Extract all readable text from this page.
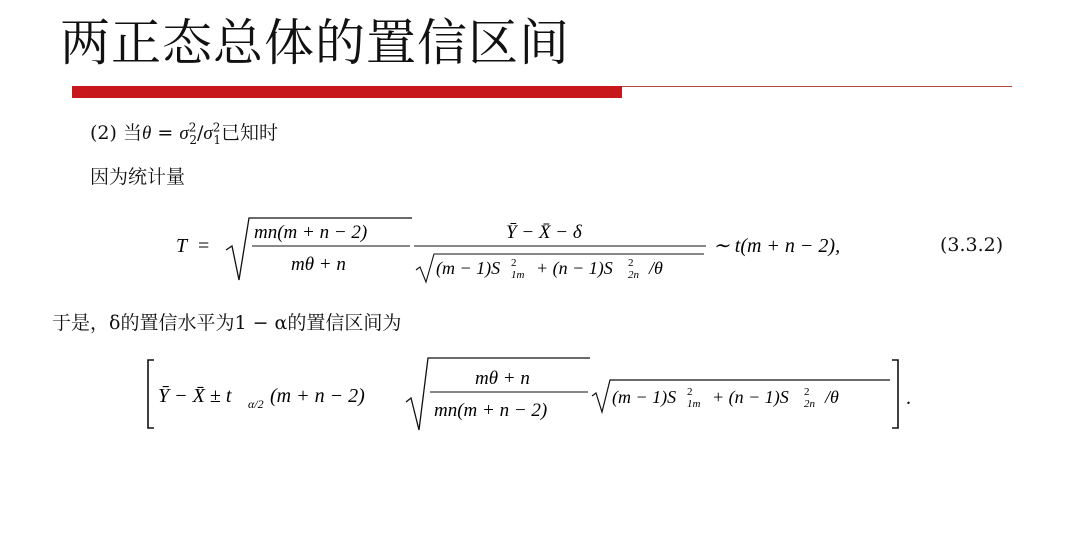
两正态总体的置信区间
(2) 当$\theta = \sigma^2_2/\sigma^2_1$已知时
因为统计量
T =
mn(m + n − 2)
mθ + n
Ȳ − X̄ − δ
(m − 1)S 2
1m + (n − 1)S 2
2n /θ
∼ t(m + n − 2),	(3.3.2)
于是，δ的置信水平为1 − α的置信区间为
Ȳ − X̄ ± t α/2 (m + n − 2)
mθ + n
mn(m + n − 2)
(m − 1)S 2
1m + (n − 1)S 2
2n /θ	.
